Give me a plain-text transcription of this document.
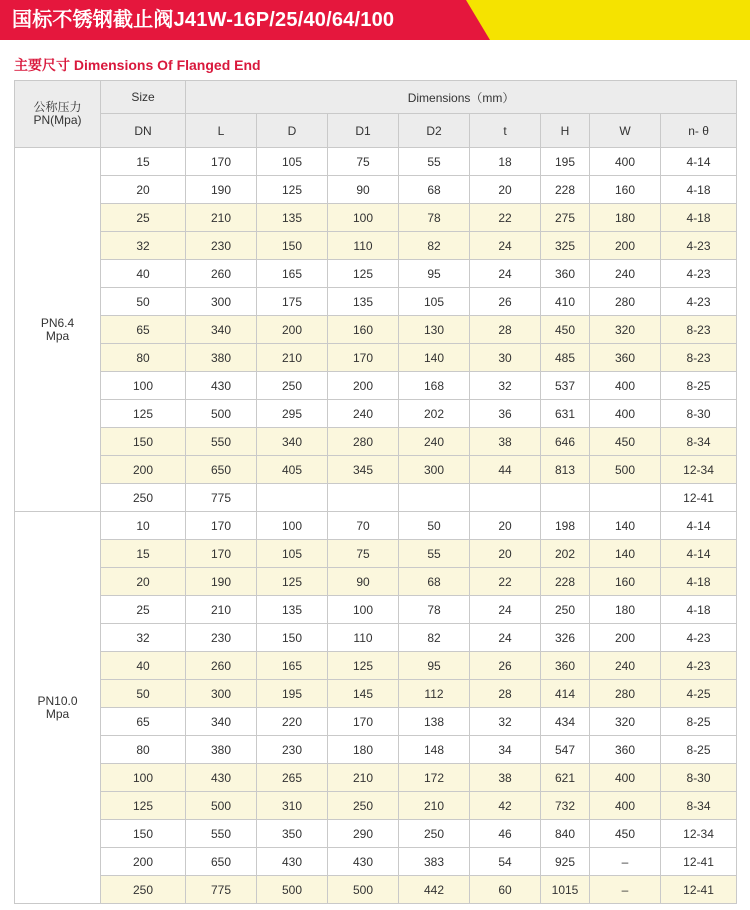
国标不锈钢截止阀J41W-16P/25/40/64/100
主要尺寸 Dimensions Of Flanged End
公称压力
PN(Mpa)	Size	Dimensions（mm）							
	DN	L	D	D1	D2	t	H	W	n- θ
PN6.4
Mpa	15	170	105	75	55	18	195	400	4-14
	20	190	125	90	68	20	228	160	4-18
	25	210	135	100	78	22	275	180	4-18
	32	230	150	110	82	24	325	200	4-23
	40	260	165	125	95	24	360	240	4-23
	50	300	175	135	105	26	410	280	4-23
	65	340	200	160	130	28	450	320	8-23
	80	380	210	170	140	30	485	360	8-23
	100	430	250	200	168	32	537	400	8-25
	125	500	295	240	202	36	631	400	8-30
	150	550	340	280	240	38	646	450	8-34
	200	650	405	345	300	44	813	500	12-34
	250	775							12-41
PN10.0
Mpa	10	170	100	70	50	20	198	140	4-14
	15	170	105	75	55	20	202	140	4-14
	20	190	125	90	68	22	228	160	4-18
	25	210	135	100	78	24	250	180	4-18
	32	230	150	110	82	24	326	200	4-23
	40	260	165	125	95	26	360	240	4-23
	50	300	195	145	112	28	414	280	4-25
	65	340	220	170	138	32	434	320	8-25
	80	380	230	180	148	34	547	360	8-25
	100	430	265	210	172	38	621	400	8-30
	125	500	310	250	210	42	732	400	8-34
	150	550	350	290	250	46	840	450	12-34
	200	650	430	430	383	54	925	–	12-41
	250	775	500	500	442	60	1015	–	12-41
